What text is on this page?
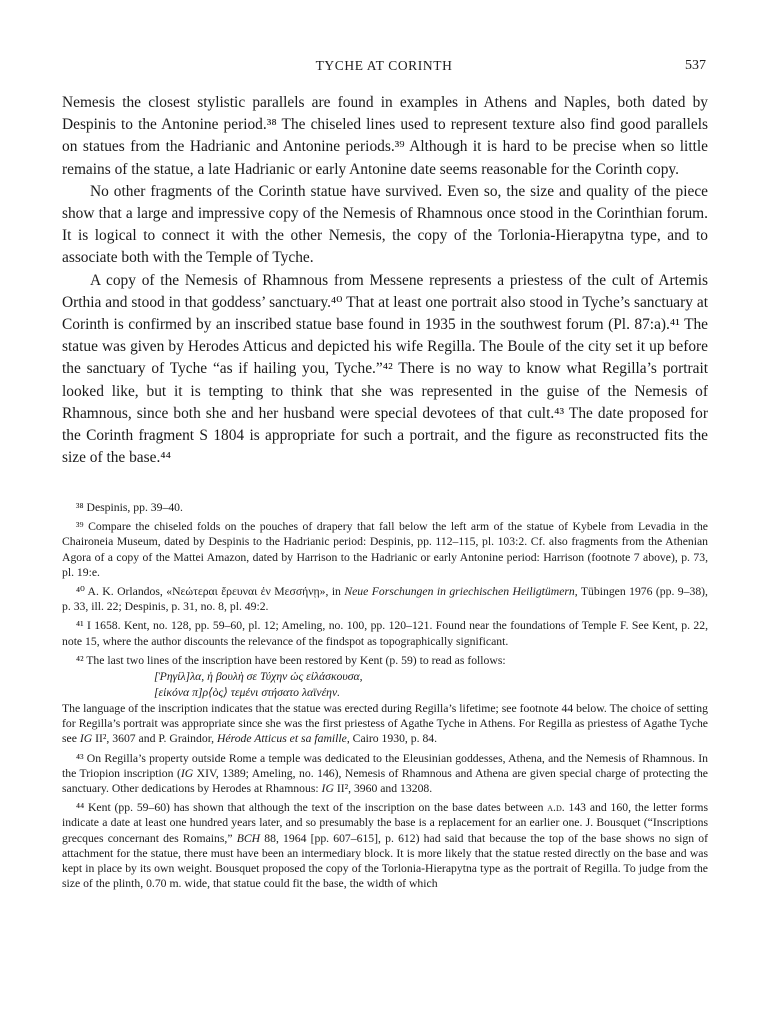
TYCHE AT CORINTH	537

Nemesis the closest stylistic parallels are found in examples in Athens and Naples, both dated by Despinis to the Antonine period.³⁸ The chiseled lines used to represent texture also find good parallels on statues from the Hadrianic and Antonine periods.³⁹ Although it is hard to be precise when so little remains of the statue, a late Hadrianic or early Antonine date seems reasonable for the Corinth copy.

No other fragments of the Corinth statue have survived. Even so, the size and quality of the piece show that a large and impressive copy of the Nemesis of Rhamnous once stood in the Corinthian forum. It is logical to connect it with the other Nemesis, the copy of the Torlonia-Hierapytna type, and to associate both with the Temple of Tyche.

A copy of the Nemesis of Rhamnous from Messene represents a priestess of the cult of Artemis Orthia and stood in that goddess’ sanctuary.⁴⁰ That at least one portrait also stood in Tyche’s sanctuary at Corinth is confirmed by an inscribed statue base found in 1935 in the southwest forum (Pl. 87:a).⁴¹ The statue was given by Herodes Atticus and depicted his wife Regilla. The Boule of the city set it up before the sanctuary of Tyche “as if hailing you, Tyche.”⁴² There is no way to know what Regilla’s portrait looked like, but it is tempting to think that she was represented in the guise of the Nemesis of Rhamnous, since both she and her husband were special devotees of that cult.⁴³ The date proposed for the Corinth fragment S 1804 is appropriate for such a portrait, and the figure as reconstructed fits the size of the base.⁴⁴

³⁸ Despinis, pp. 39–40.

³⁹ Compare the chiseled folds on the pouches of drapery that fall below the left arm of the statue of Kybele from Levadia in the Chaironeia Museum, dated by Despinis to the Hadrianic period: Despinis, pp. 112–115, pl. 103:2. Cf. also fragments from the Athenian Agora of a copy of the Mattei Amazon, dated by Harrison to the Hadrianic or early Antonine period: Harrison (footnote 7 above), p. 73, pl. 19:e.

⁴⁰ A. K. Orlandos, «Νεώτεραι ἔρευναι ἐν Μεσσήνῃ», in Neue Forschungen in griechischen Heiligtümern, Tübingen 1976 (pp. 9–38), p. 33, ill. 22; Despinis, p. 31, no. 8, pl. 49:2.

⁴¹ I 1658. Kent, no. 128, pp. 59–60, pl. 12; Ameling, no. 100, pp. 120–121. Found near the foundations of Temple F. See Kent, p. 22, note 15, where the author discounts the relevance of the findspot as topographically significant.

⁴² The last two lines of the inscription have been restored by Kent (p. 59) to read as follows:

[Ῥηγίλ]λα, ἡ βουλὴ σε Τύχην ὡς εἰλάσκουσα,
[εἰκόνα π]ρ⟨ὸς⟩ τεμένι στήσατο λαϊνέην.

The language of the inscription indicates that the statue was erected during Regilla’s lifetime; see footnote 44 below. The choice of setting for Regilla’s portrait was appropriate since she was the first priestess of Agathe Tyche in Athens. For Regilla as priestess of Agathe Tyche see IG II², 3607 and P. Graindor, Hérode Atticus et sa famille, Cairo 1930, p. 84.

⁴³ On Regilla’s property outside Rome a temple was dedicated to the Eleusinian goddesses, Athena, and the Nemesis of Rhamnous. In the Triopion inscription (IG XIV, 1389; Ameling, no. 146), Nemesis of Rhamnous and Athena are given special charge of protecting the sanctuary. Other dedications by Herodes at Rhamnous: IG II², 3960 and 13208.

⁴⁴ Kent (pp. 59–60) has shown that although the text of the inscription on the base dates between a.d. 143 and 160, the letter forms indicate a date at least one hundred years later, and so presumably the base is a replacement for an earlier one. J. Bousquet (“Inscriptions grecques concernant des Romains,” BCH 88, 1964 [pp. 607–615], p. 612) had said that because the top of the base shows no sign of attachment for the statue, there must have been an intermediary block. It is more likely that the statue rested directly on the base and was kept in place by its own weight. Bousquet proposed the copy of the Torlonia-Hierapytna type as the portrait of Regilla. To judge from the size of the plinth, 0.70 m. wide, that statue could fit the base, the width of which
